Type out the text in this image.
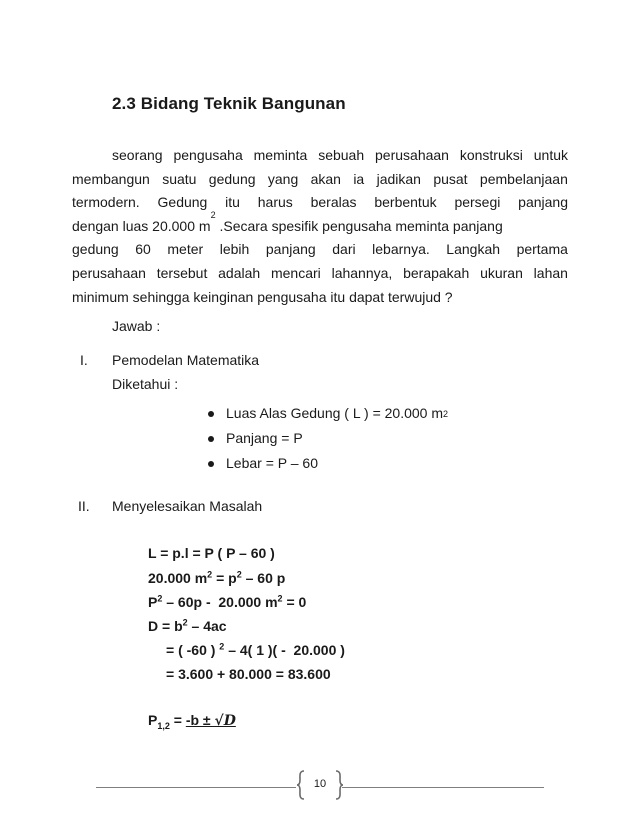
2.3 Bidang Teknik Bangunan
seorang pengusaha meminta sebuah perusahaan konstruksi untuk
membangun suatu gedung yang akan ia jadikan pusat pembelanjaan
termodern. Gedung itu harus beralas berbentuk persegi panjang
dengan luas 20.000 m
2
.Secara spesifik pengusaha meminta panjang
gedung 60 meter lebih panjang dari lebarnya. Langkah pertama
perusahaan tersebut adalah mencari lahannya, berapakah ukuran lahan
minimum sehingga keinginan pengusaha itu dapat terwujud ?
Jawab :
I. Pemodelan Matematika
Diketahui :
Luas Alas Gedung ( L ) = 20.000 m 2
Panjang = P
Lebar = P – 60
II. Menyelesaikan Masalah
L = p.l = P ( P – 60 )
20.000 $m^2 = p^2 - 60$ p
$P^2 - 60p - 20.000$ $m^2 = 0$
$D = b^2 - 4ac$
= ( -60 ) $^2$ – 4( 1 )( -  20.000 )
= 3.600 + 80.000 = 83.600
$P_{1,2} = -b \pm √D$
10
